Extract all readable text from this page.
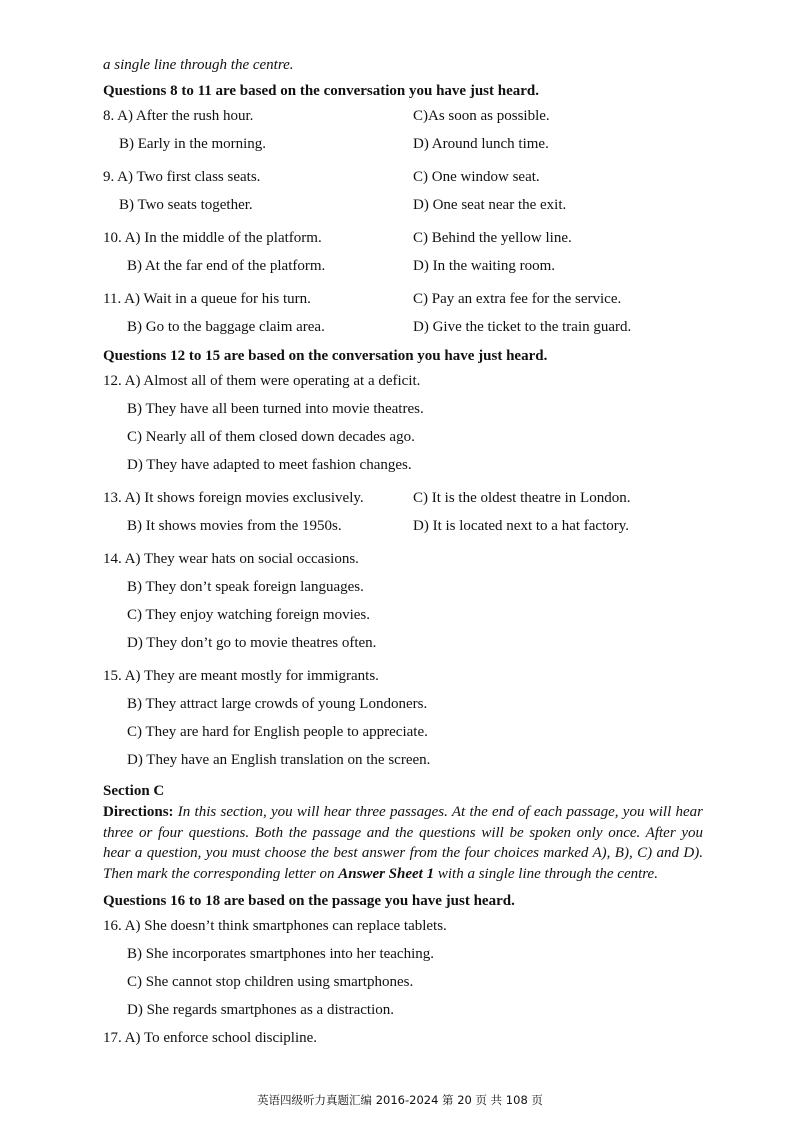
a single line through the centre.
Questions 8 to 11 are based on the conversation you have just heard.
8. A) After the rush hour.	C)As soon as possible.
B) Early in the morning.	D) Around lunch time.
9. A) Two first class seats.	C) One window seat.
B) Two seats together.	D) One seat near the exit.
10. A) In the middle of the platform.	C) Behind the yellow line.
B) At the far end of the platform.	D) In the waiting room.
11. A) Wait in a queue for his turn.	C) Pay an extra fee for the service.
B) Go to the baggage claim area.	D) Give the ticket to the train guard.
Questions 12 to 15 are based on the conversation you have just heard.
12. A) Almost all of them were operating at a deficit.
B) They have all been turned into movie theatres.
C) Nearly all of them closed down decades ago.
D) They have adapted to meet fashion changes.
13. A) It shows foreign movies exclusively.	C) It is the oldest theatre in London.
B) It shows movies from the 1950s.	D) It is located next to a hat factory.
14. A) They wear hats on social occasions.
B) They don’t speak foreign languages.
C) They enjoy watching foreign movies.
D) They don’t go to movie theatres often.
15. A) They are meant mostly for immigrants.
B) They attract large crowds of young Londoners.
C) They are hard for English people to appreciate.
D) They have an English translation on the screen.
Section C
Directions: In this section, you will hear three passages. At the end of each passage, you will hear three or four questions. Both the passage and the questions will be spoken only once. After you hear a question, you must choose the best answer from the four choices marked A), B), C) and D). Then mark the corresponding letter on Answer Sheet 1 with a single line through the centre.
Questions 16 to 18 are based on the passage you have just heard.
16. A) She doesn’t think smartphones can replace tablets.
B) She incorporates smartphones into her teaching.
C) She cannot stop children using smartphones.
D) She regards smartphones as a distraction.
17. A) To enforce school discipline.
英语四级听力真题汇编 2016-2024 第 20 页 共 108 页
